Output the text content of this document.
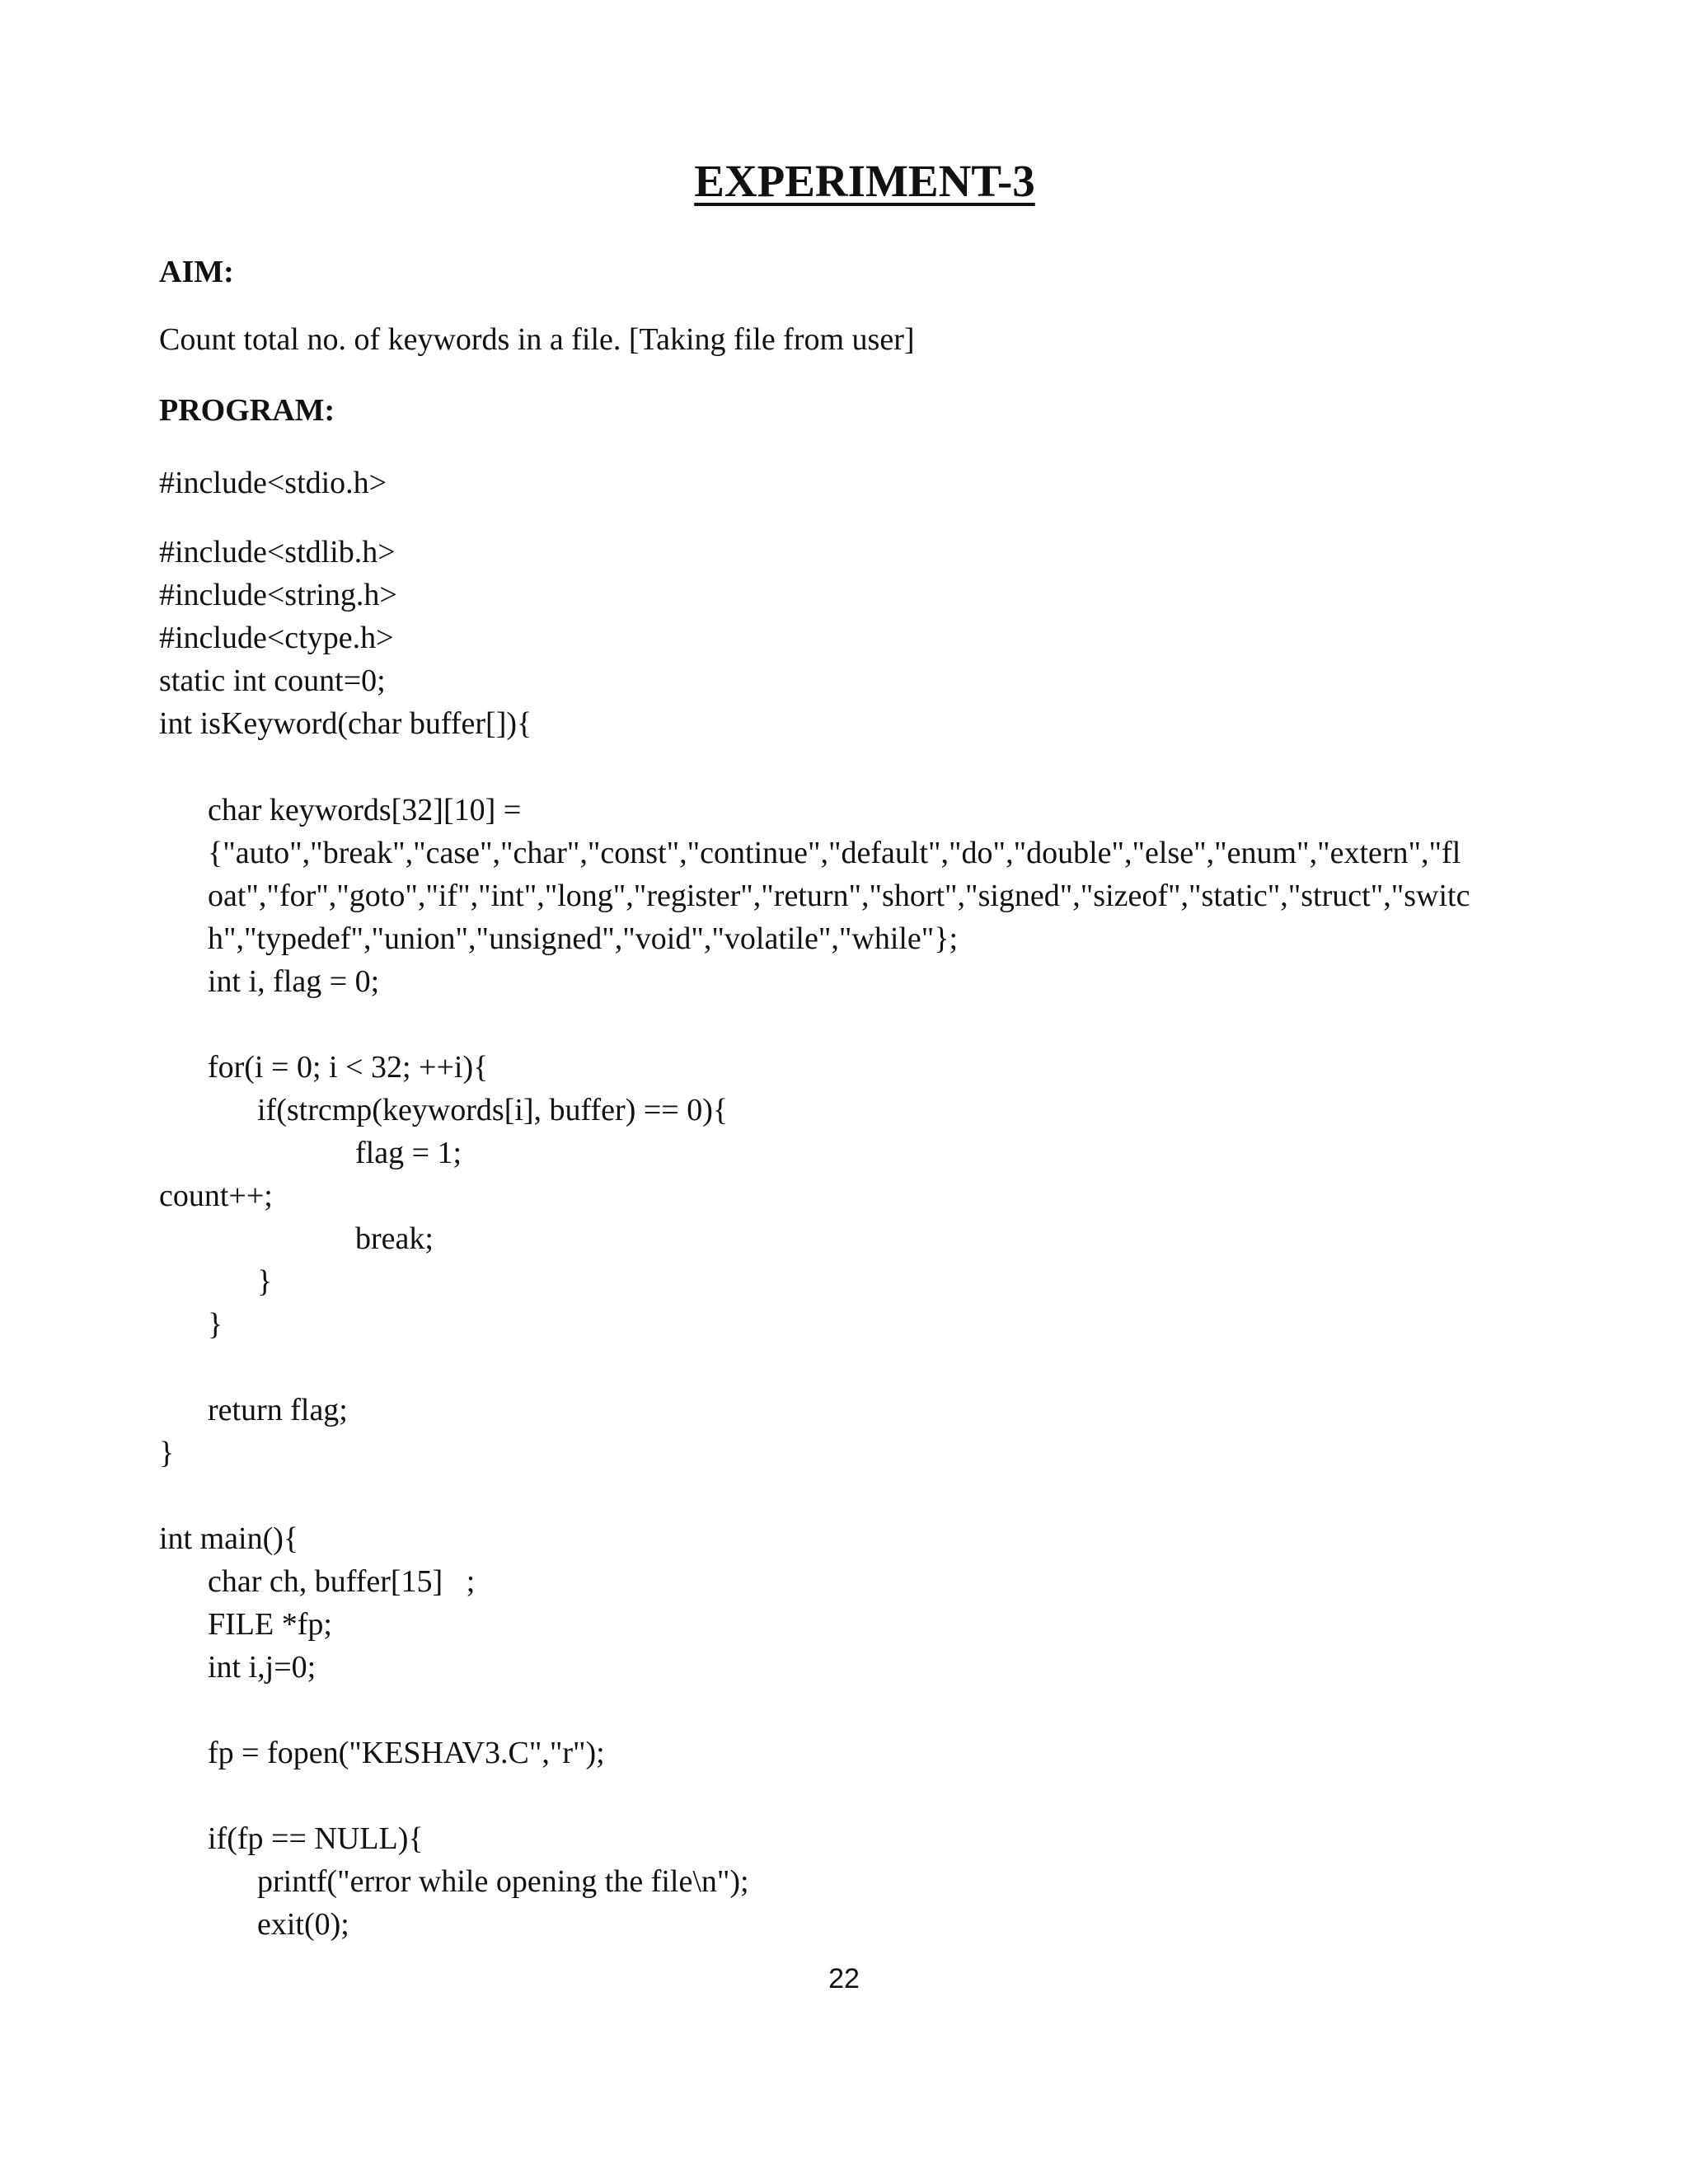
EXPERIMENT-3

AIM:

Count total no. of keywords in a file. [Taking file from user]

PROGRAM:

#include<stdio.h>

#include<stdlib.h>

#include<string.h>

#include<ctype.h>

static int count=0;

int isKeyword(char buffer[]){

char keywords[32][10] =

{"auto","break","case","char","const","continue","default","do","double","else","enum","extern","fl

oat","for","goto","if","int","long","register","return","short","signed","sizeof","static","struct","switc

h","typedef","union","unsigned","void","volatile","while"};

int i, flag = 0;

for(i = 0; i < 32; ++i){

if(strcmp(keywords[i], buffer) == 0){

flag = 1;

count++;

break;

}

}

return flag;

}

int main(){

char ch, buffer[15]   ;

FILE *fp;

int i,j=0;

fp = fopen("KESHAV3.C","r");

if(fp == NULL){

printf("error while opening the file\n");

exit(0);

22
